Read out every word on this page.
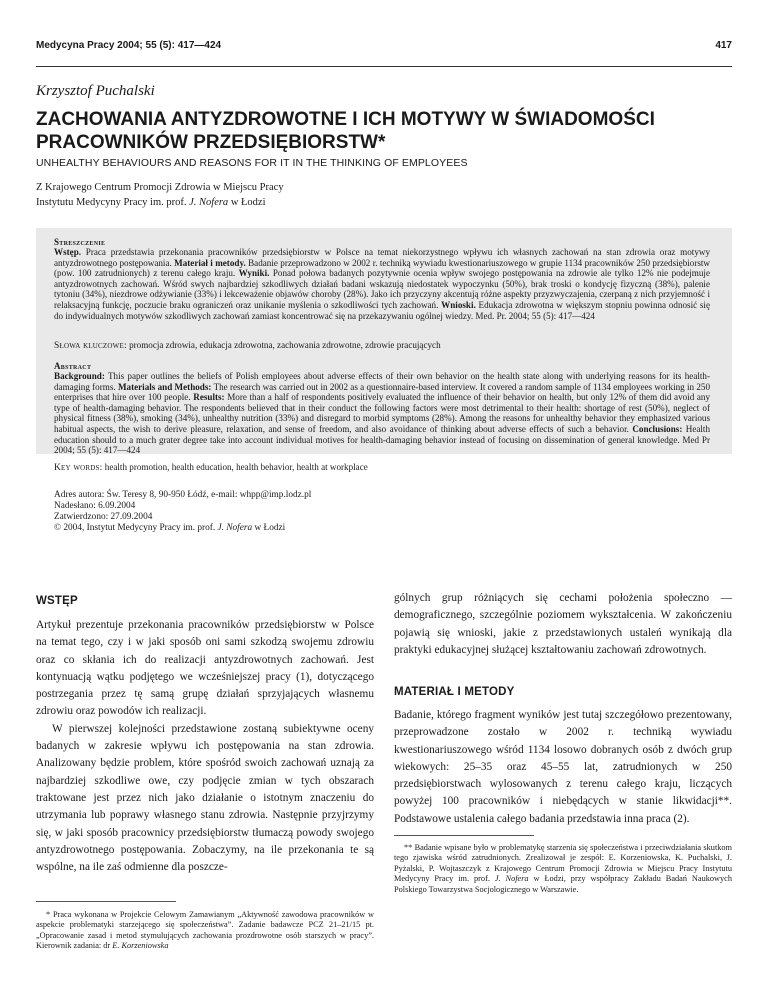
Medycyna Pracy 2004; 55 (5): 417—424	417
Krzysztof Puchalski
ZACHOWANIA ANTYZDROWOTNE I ICH MOTYWY W ŚWIADOMOŚCI PRACOWNIKÓW PRZEDSIĘBIORSTW*
UNHEALTHY BEHAVIOURS AND REASONS FOR IT IN THE THINKING OF EMPLOYEES
Z Krajowego Centrum Promocji Zdrowia w Miejscu Pracy
Instytutu Medycyny Pracy im. prof. J. Nofera w Łodzi
Streszczenie
Wstęp. Praca przedstawia przekonania pracowników przedsiębiorstw w Polsce na temat niekorzystnego wpływu ich własnych zachowań na stan zdrowia oraz motywy antyzdrowotnego postępowania. Materiał i metody. Badanie przeprowadzono w 2002 r. techniką wywiadu kwestionariuszowego w grupie 1134 pracowników 250 przedsiębiorstw (pow. 100 zatrudnionych) z terenu całego kraju. Wyniki. Ponad połowa badanych pozytywnie ocenia wpływ swojego postępowania na zdrowie ale tylko 12% nie podejmuje antyzdrowotnych zachowań. Wśród swych najbardziej szkodliwych działań badani wskazują niedostatek wypoczynku (50%), brak troski o kondycję fizyczną (38%), palenie tytoniu (34%), niezdrowe odżywianie (33%) i lekceważenie objawów choroby (28%). Jako ich przyczyny akcentują różne aspekty przyzwyczajenia, czerpaną z nich przyjemność i relaksacyjną funkcję, poczucie braku ograniczeń oraz unikanie myślenia o szkodliwości tych zachowań. Wnioski. Edukacja zdrowotna w większym stopniu powinna odnosić się do indywidualnych motywów szkodliwych zachowań zamiast koncentrować się na przekazywaniu ogólnej wiedzy. Med. Pr. 2004; 55 (5): 417—424
Słowa kluczowe: promocja zdrowia, edukacja zdrowotna, zachowania zdrowotne, zdrowie pracujących
Abstract
Background: This paper outlines the beliefs of Polish employees about adverse effects of their own behavior on the health state along with underlying reasons for its health-damaging forms. Materials and Methods: The research was carried out in 2002 as a questionnaire-based interview. It covered a random sample of 1134 employees working in 250 enterprises that hire over 100 people. Results: More than a half of respondents positively evaluated the influence of their behavior on health, but only 12% of them did avoid any type of health-damaging behavior. The respondents believed that in their conduct the following factors were most detrimental to their health: shortage of rest (50%), neglect of physical fitness (38%), smoking (34%), unhealthy nutrition (33%) and disregard to morbid symptoms (28%). Among the reasons for unhealthy behavior they emphasized various habitual aspects, the wish to derive pleasure, relaxation, and sense of freedom, and also avoidance of thinking about adverse effects of such a behavior. Conclusions: Health education should to a much grater degree take into account individual motives for health-damaging behavior instead of focusing on dissemination of general knowledge. Med Pr 2004; 55 (5): 417—424
Key words: health promotion, health education, health behavior, health at workplace
Adres autora: Św. Teresy 8, 90-950 Łódź, e-mail: whpp@imp.lodz.pl
Nadesłano: 6.09.2004
Zatwierdzono: 27.09.2004
© 2004, Instytut Medycyny Pracy im. prof. J. Nofera w Łodzi
WSTĘP

Artykuł prezentuje przekonania pracowników przedsiębiorstw w Polsce na temat tego, czy i w jaki sposób oni sami szkodzą swojemu zdrowiu oraz co skłania ich do realizacji antyzdrowotnych zachowań. Jest kontynuacją wątku podjętego we wcześniejszej pracy (1), dotyczącego postrzegania przez tę samą grupę działań sprzyjających własnemu zdrowiu oraz powodów ich realizacji.

W pierwszej kolejności przedstawione zostaną subiektywne oceny badanych w zakresie wpływu ich postępowania na stan zdrowia. Analizowany będzie problem, które spośród swoich zachowań uznają za najbardziej szkodliwe owe, czy podjęcie zmian w tych obszarach traktowane jest przez nich jako działanie o istotnym znaczeniu do utrzymania lub poprawy własnego stanu zdrowia. Następnie przyjrzymy się, w jaki sposób pracownicy przedsiębiorstw tłumaczą powody swojego antyzdrowotnego postępowania. Zobaczymy, na ile przekonania te są wspólne, na ile zaś odmienne dla poszcze-

gólnych grup różniących się cechami położenia społeczno — demograficznego, szczególnie poziomem wykształcenia. W zakończeniu pojawią się wnioski, jakie z przedstawionych ustaleń wynikają dla praktyki edukacyjnej służącej kształtowaniu zachowań zdrowotnych.

MATERIAŁ I METODY

Badanie, którego fragment wyników jest tutaj szczegółowo prezentowany, przeprowadzone zostało w 2002 r. techniką wywiadu kwestionariuszowego wśród 1134 losowo dobranych osób z dwóch grup wiekowych: 25–35 oraz 45–55 lat, zatrudnionych w 250 przedsiębiorstwach wylosowanych z terenu całego kraju, liczących powyżej 100 pracowników i niebędących w stanie likwidacji**. Podstawowe ustalenia całego badania przedstawia inna praca (2).

* Praca wykonana w Projekcie Celowym Zamawianym „Aktywność zawodowa pracowników w aspekcie problematyki starzejącego się społeczeństwa”. Zadanie badawcze PCZ 21–21/15 pt. „Opracowanie zasad i metod stymulujących zachowania prozdrowotne osób starszych w pracy”. Kierownik zadania: dr E. Korzeniowska

** Badanie wpisane było w problematykę starzenia się społeczeństwa i przeciwdziałania skutkom tego zjawiska wśród zatrudnionych. Zrealizował je zespół: E. Korzeniowska, K. Puchalski, J. Pyżalski, P. Wojtaszczyk z Krajowego Centrum Promocji Zdrowia w Miejscu Pracy Instytutu Medycyny Pracy im. prof. J. Nofera w Łodzi, przy współpracy Zakładu Badań Naukowych Polskiego Towarzystwa Socjologicznego w Warszawie.
